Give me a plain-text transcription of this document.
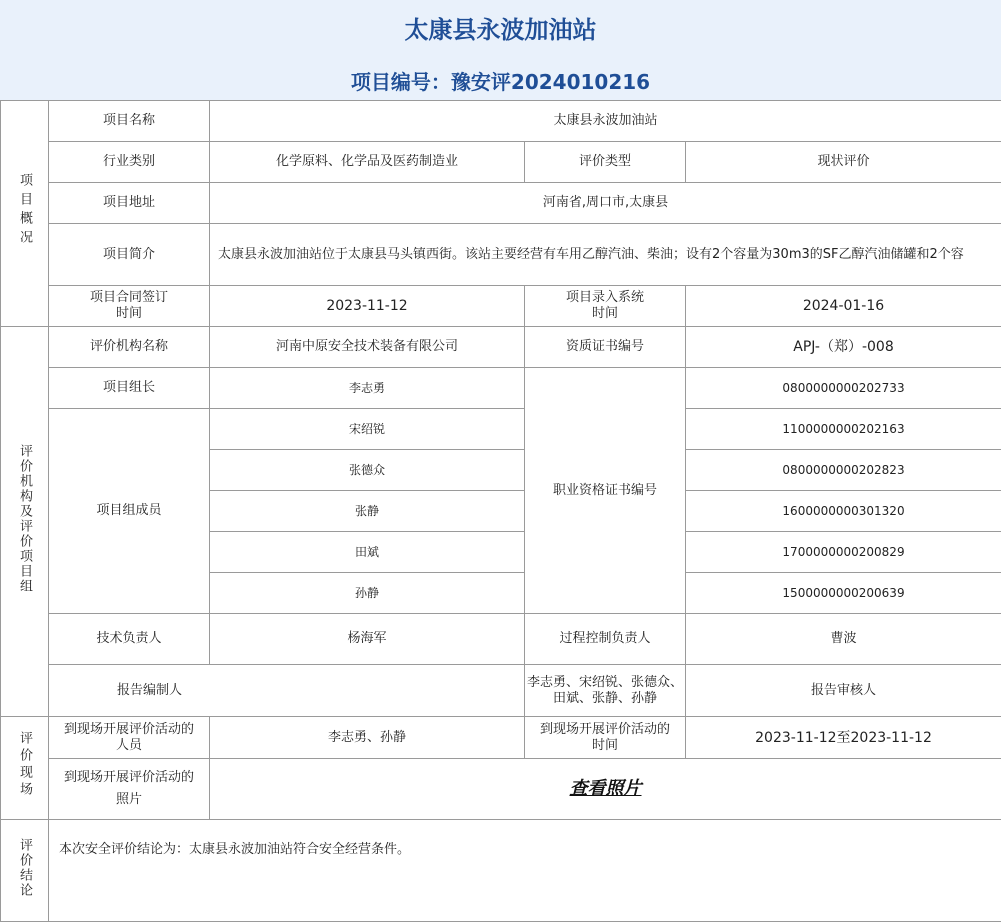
太康县永波加油站
项目编号：豫安评2024010216
项目概况	项目名称	太康县永波加油站			
	行业类别	化学原料、化学品及医药制造业	评价类型	现状评价	
	项目地址	河南省,周口市,太康县			
	项目简介	太康县永波加油站位于太康县马头镇西街。该站主要经营有车用乙醇汽油、柴油；设有2个容量为30m3的SF乙醇汽油储罐和2个容			
	项目合同签订时间	2023-11-12	项目录入系统时间	2024-01-16	
评价机构及评价项目组	评价机构名称	河南中原安全技术装备有限公司	资质证书编号	APJ-（郑）-008	
	项目组长	李志勇	职业资格证书编号	0800000000202733	
	项目组成员	宋绍锐		1100000000202163	
		张德众		0800000000202823	
		张静		1600000000301320	
		田斌		1700000000200829	
		孙静		1500000000200639	
	技术负责人	杨海军	过程控制负责人	曹波	
	报告编制人		李志勇、宋绍锐、张德众、田斌、张静、孙静	报告审核人	
评价现场	到现场开展评价活动的人员	李志勇、孙静	到现场开展评价活动的时间	2023-11-12至2023-11-12	
	到现场开展评价活动的照片	查看照片			
评价结论	本次安全评价结论为：太康县永波加油站符合安全经营条件。				
